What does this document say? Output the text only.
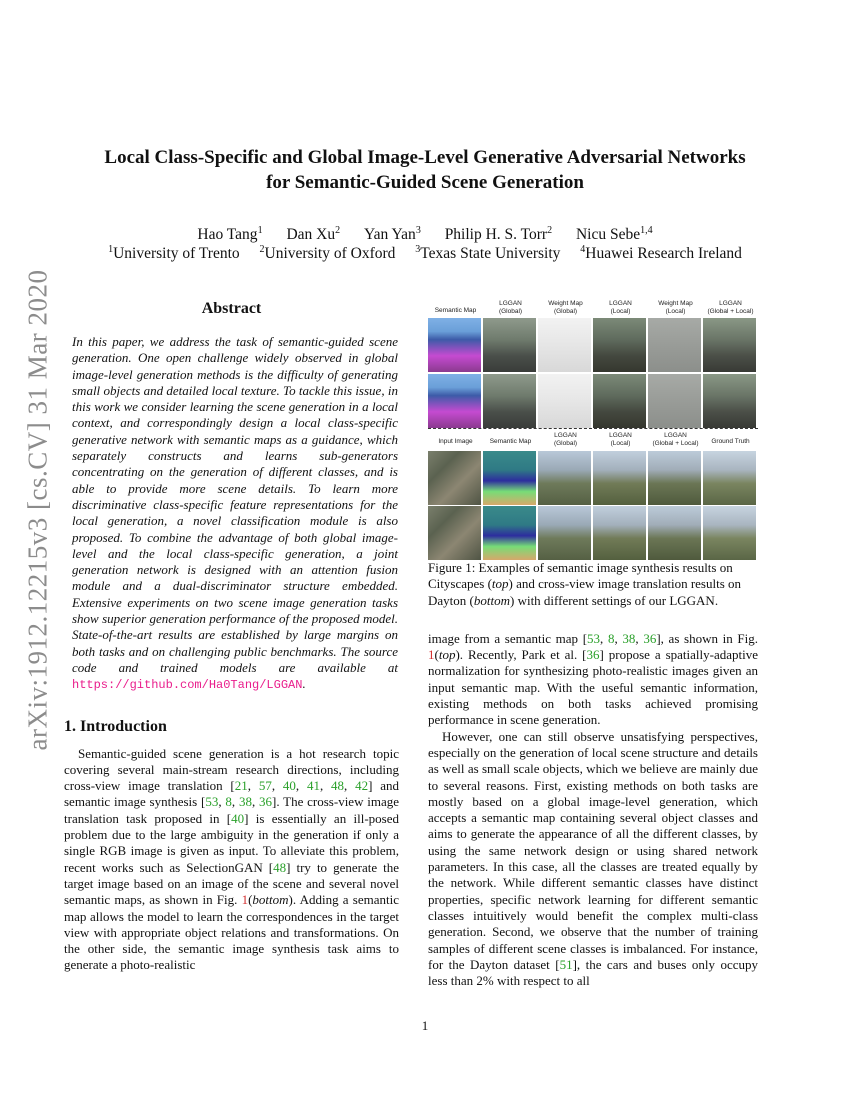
arXiv:1912.12215v3 [cs.CV] 31 Mar 2020
Local Class-Specific and Global Image-Level Generative Adversarial Networks
for Semantic-Guided Scene Generation
Hao Tang$^1$ Dan Xu$^2$ Yan Yan$^3$ Philip H. S. Torr$^2$ Nicu Sebe$^{1,4}$
$^1$University of Trento $^2$University of Oxford $^3$Texas State University $^4$Huawei Research Ireland
Abstract
In this paper, we address the task of semantic-guided scene generation. One open challenge widely observed in global image-level generation methods is the difficulty of generating small objects and detailed local texture. To tackle this issue, in this work we consider learning the scene generation in a local context, and correspondingly design a local class-specific generative network with semantic maps as a guidance, which separately constructs and learns sub-generators concentrating on the generation of different classes, and is able to provide more scene details. To learn more discriminative class-specific feature representations for the local generation, a novel classification module is also proposed. To combine the advantage of both global image-level and the local class-specific generation, a joint generation network is designed with an attention fusion module and a dual-discriminator structure embedded. Extensive experiments on two scene image generation tasks show superior generation performance of the proposed model. State-of-the-art results are established by large margins on both tasks and on challenging public benchmarks. The source code and trained models are available at https://github.com/Ha0Tang/LGGAN.
1. Introduction

Semantic-guided scene generation is a hot research topic covering several main-stream research directions, including cross-view image translation [21, 57, 40, 41, 48, 42] and semantic image synthesis [53, 8, 38, 36]. The cross-view image translation task proposed in [40] is essentially an ill-posed problem due to the large ambiguity in the generation if only a single RGB image is given as input. To alleviate this problem, recent works such as SelectionGAN [48] try to generate the target image based on an image of the scene and several novel semantic maps, as shown in Fig. 1(bottom). Adding a semantic map allows the model to learn the correspondences in the target view with appropriate object relations and transformations. On the other side, the semantic image synthesis task aims to generate a photo-realistic

Semantic Map
LGGAN
(Global)
Weight Map
(Global)
LGGAN
(Local)
Weight Map
(Local)
LGGAN
(Global + Local)
Input Image	Semantic Map
LGGAN
(Global)
LGGAN
(Local)
LGGAN
(Global + Local)	Ground Truth
Figure 1: Examples of semantic image synthesis results on Cityscapes (top) and cross-view image translation results on Dayton (bottom) with different settings of our LGGAN.

image from a semantic map [53, 8, 38, 36], as shown in Fig. 1(top). Recently, Park et al. [36] propose a spatially-adaptive normalization for synthesizing photo-realistic images given an input semantic map. With the useful semantic information, existing methods on both tasks achieved promising performance in scene generation.

However, one can still observe unsatisfying perspectives, especially on the generation of local scene structure and details as well as small scale objects, which we believe are mainly due to several reasons. First, existing methods on both tasks are mostly based on a global image-level generation, which accepts a semantic map containing several object classes and aims to generate the appearance of all the different classes, by using the same network design or using shared network parameters. In this case, all the classes are treated equally by the network. While different semantic classes have distinct properties, specific network learning for different semantic classes intuitively would benefit the complex multi-class generation. Second, we observe that the number of training samples of different scene classes is imbalanced. For instance, for the Dayton dataset [51], the cars and buses only occupy less than 2% with respect to all

1
